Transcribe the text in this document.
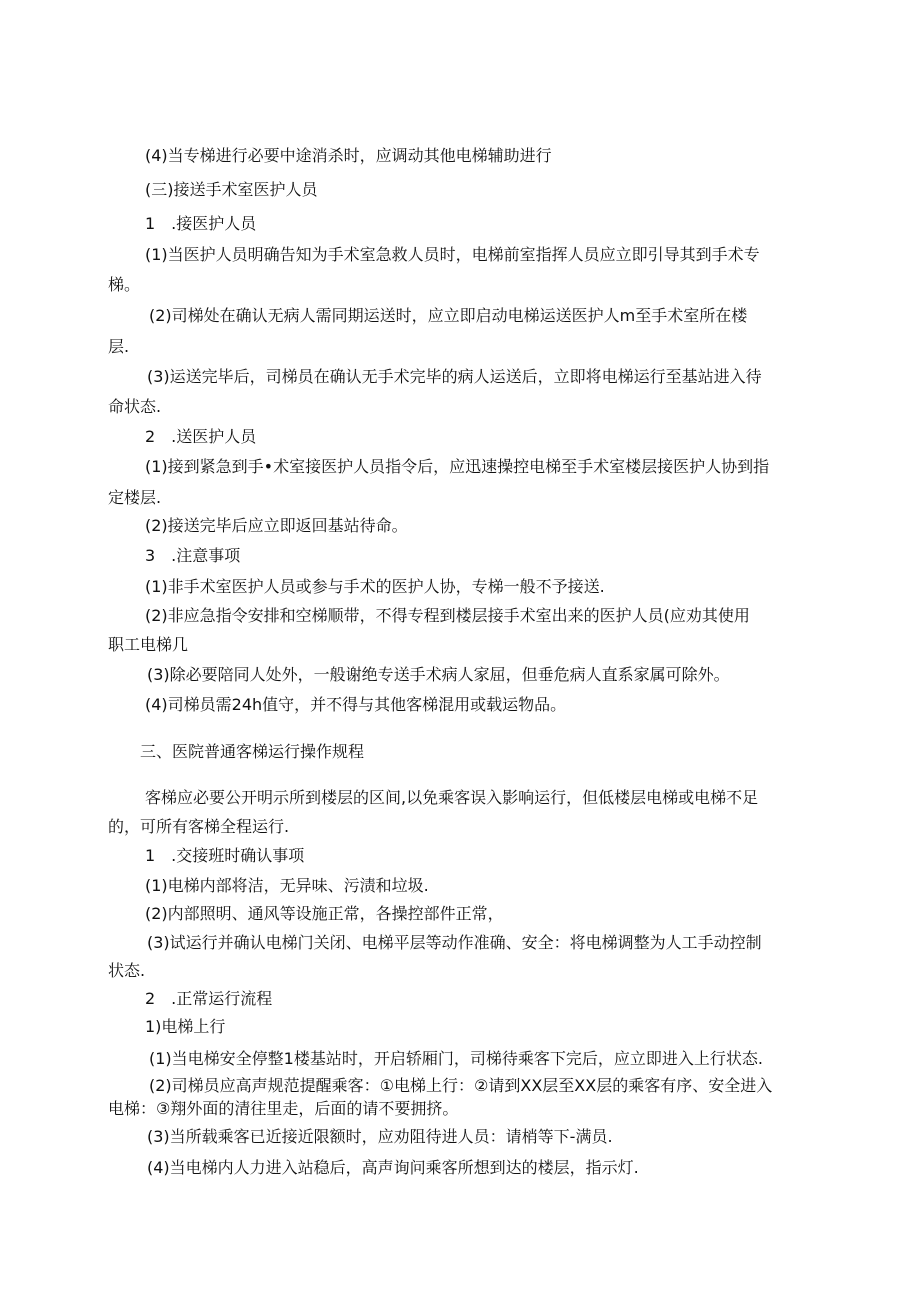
(4)当专梯进行必要中途消杀时，应调动其他电梯辅助进行

(三)接送手术室医护人员

1　.接医护人员

(1)当医护人员明确告知为手术室急救人员时，电梯前室指挥人员应立即引导其到手术专

梯。

(2)司梯处在确认无病人需同期运送时，应立即启动电梯运送医护人m至手术室所在楼

层.

(3)运送完毕后，司梯员在确认无手术完毕的病人运送后，立即将电梯运行至基站进入待

命状态.

2　.送医护人员

(1)接到紧急到手•术室接医护人员指令后，应迅速操控电梯至手术室楼层接医护人协到指

定楼层.

(2)接送完毕后应立即返回基站待命。

3　.注意事项

(1)非手术室医护人员或参与手术的医护人协，专梯一般不予接送.

(2)非应急指令安排和空梯顺带，不得专程到楼层接手术室出来的医护人员(应劝其使用

职工电梯几

(3)除必要陪同人处外，一般谢绝专送手术病人家屈，但垂危病人直系家属可除外。

(4)司梯员需24h值守，并不得与其他客梯混用或载运物品。

三、医院普通客梯运行操作规程

客梯应必要公开明示所到楼层的区间,以免乘客误入影响运行，但低楼层电梯或电梯不足

的，可所有客梯全程运行.

1　.交接班时确认事项

(1)电梯内部将洁，无异味、污渍和垃圾.

(2)内部照明、通风等设施正常，各操控部件正常，

(3)试运行并确认电梯门关闭、电梯平层等动作准确、安全：将电梯调整为人工手动控制

状态.

2　.正常运行流程

1)电梯上行

(1)当电梯安全停整1楼基站时，开启轿厢门，司梯待乘客下完后，应立即进入上行状态.

(2)司梯员应高声规范提醒乘客：①电梯上行：②请到XX层至XX层的乘客有序、安全进入

电梯：③翔外面的清往里走，后面的请不要拥挤。

(3)当所载乘客已近接近限额时，应劝阻待进人员：请梢等下-满员.

(4)当电梯内人力进入站稳后，高声询问乘客所想到达的楼层，指示灯.
